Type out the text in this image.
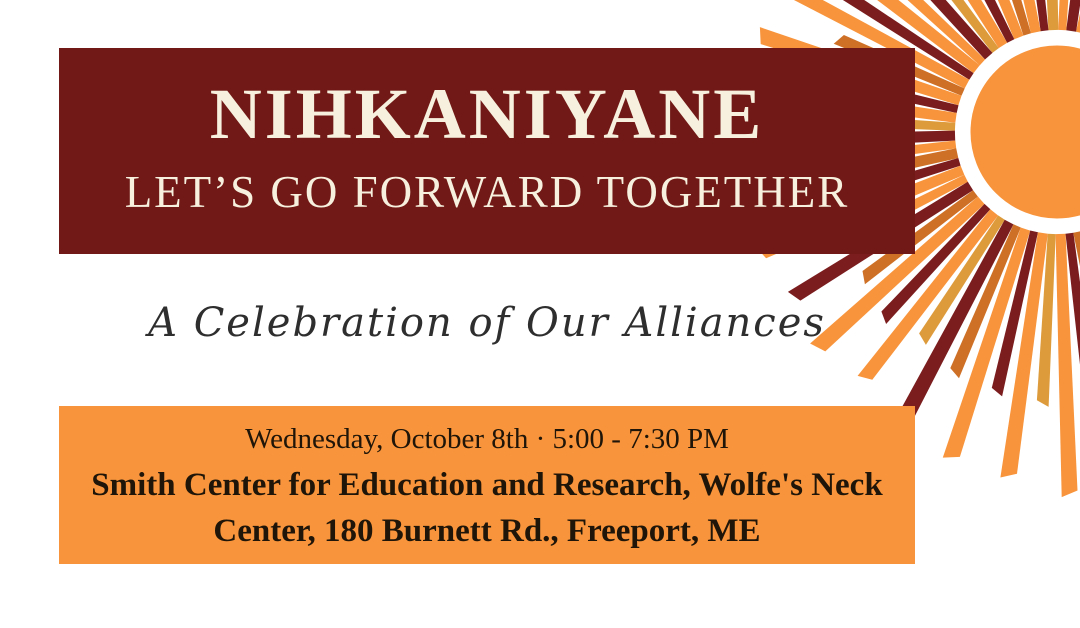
NIHKANIYANE
LET’S GO FORWARD TOGETHER
A Celebration of Our Alliances
Wednesday, October 8th · 5:00 - 7:30 PM
Smith Center for Education and Research, Wolfe's Neck
Center, 180 Burnett Rd., Freeport, ME
